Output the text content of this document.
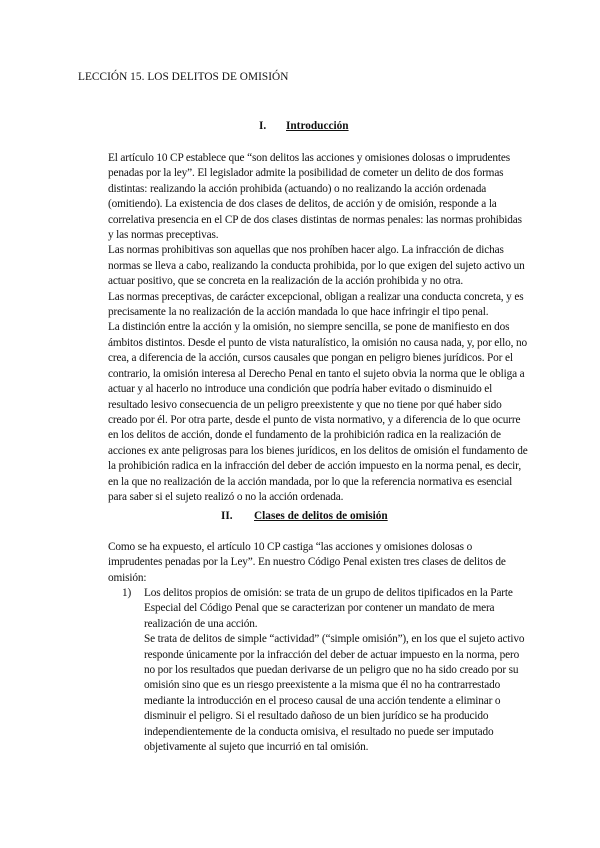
LECCIÓN 15. LOS DELITOS DE OMISIÓN
I. Introducción

El artículo 10 CP establece que “son delitos las acciones y omisiones dolosas o imprudentes penadas por la ley”. El legislador admite la posibilidad de cometer un delito de dos formas distintas: realizando la acción prohibida (actuando) o no realizando la acción ordenada (omitiendo). La existencia de dos clases de delitos, de acción y de omisión, responde a la correlativa presencia en el CP de dos clases distintas de normas penales: las normas prohibidas y las normas preceptivas.

Las normas prohibitivas son aquellas que nos prohíben hacer algo. La infracción de dichas normas se lleva a cabo, realizando la conducta prohibida, por lo que exigen del sujeto activo un actuar positivo, que se concreta en la realización de la acción prohibida y no otra.

Las normas preceptivas, de carácter excepcional, obligan a realizar una conducta concreta, y es precisamente la no realización de la acción mandada lo que hace infringir el tipo penal.

La distinción entre la acción y la omisión, no siempre sencilla, se pone de manifiesto en dos ámbitos distintos. Desde el punto de vista naturalístico, la omisión no causa nada, y, por ello, no crea, a diferencia de la acción, cursos causales que pongan en peligro bienes jurídicos. Por el contrario, la omisión interesa al Derecho Penal en tanto el sujeto obvia la norma que le obliga a actuar y al hacerlo no introduce una condición que podría haber evitado o disminuido el resultado lesivo consecuencia de un peligro preexistente y que no tiene por qué haber sido creado por él. Por otra parte, desde el punto de vista normativo, y a diferencia de lo que ocurre en los delitos de acción, donde el fundamento de la prohibición radica en la realización de acciones ex ante peligrosas para los bienes jurídicos, en los delitos de omisión el fundamento de la prohibición radica en la infracción del deber de acción impuesto en la norma penal, es decir, en la que no realización de la acción mandada, por lo que la referencia normativa es esencial para saber si el sujeto realizó o no la acción ordenada.

II. Clases de delitos de omisión

Como se ha expuesto, el artículo 10 CP castiga “las acciones y omisiones dolosas o imprudentes penadas por la Ley”. En nuestro Código Penal existen tres clases de delitos de omisión:

1)	Los delitos propios de omisión: se trata de un grupo de delitos tipificados en la Parte Especial del Código Penal que se caracterizan por contener un mandato de mera realización de una acción.

Se trata de delitos de simple “actividad” (“simple omisión”), en los que el sujeto activo responde únicamente por la infracción del deber de actuar impuesto en la norma, pero no por los resultados que puedan derivarse de un peligro que no ha sido creado por su omisión sino que es un riesgo preexistente a la misma que él no ha contrarrestado mediante la introducción en el proceso causal de una acción tendente a eliminar o disminuir el peligro. Si el resultado dañoso de un bien jurídico se ha producido independientemente de la conducta omisiva, el resultado no puede ser imputado objetivamente al sujeto que incurrió en tal omisión.
